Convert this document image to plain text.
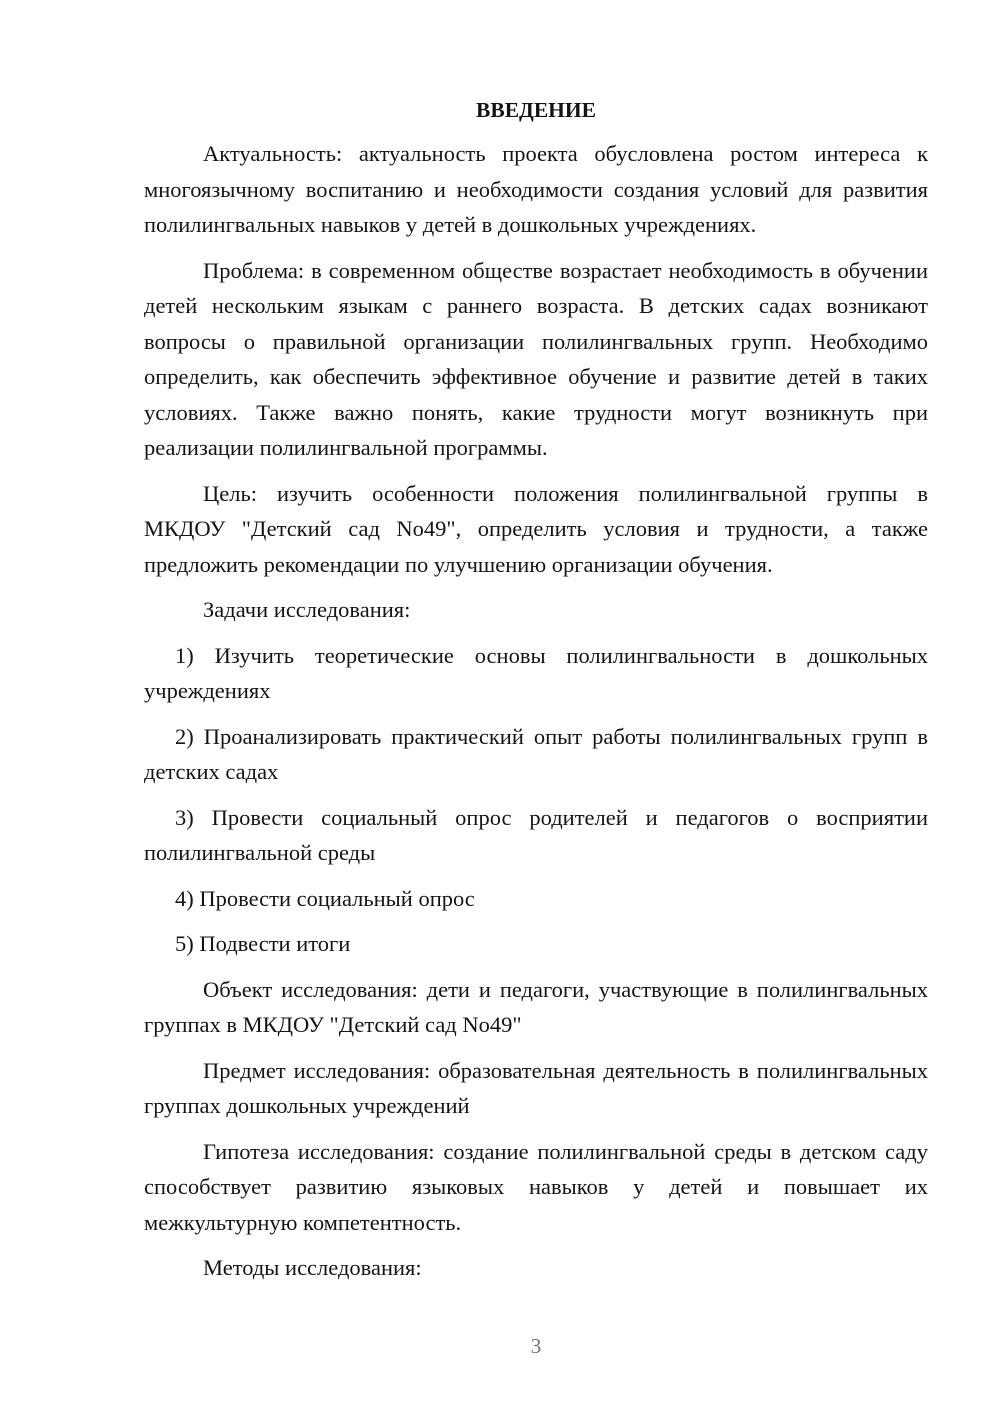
ВВЕДЕНИЕ

Актуальность: актуальность проекта обусловлена ростом интереса к многоязычному воспитанию и необходимости создания условий для развития полилингвальных навыков у детей в дошкольных учреждениях.

Проблема: в современном обществе возрастает необходимость в обучении детей нескольким языкам с раннего возраста. В детских садах возникают вопросы о правильной организации полилингвальных групп. Необходимо определить, как обеспечить эффективное обучение и развитие детей в таких условиях. Также важно понять, какие трудности могут возникнуть при реализации полилингвальной программы.

Цель: изучить особенности положения полилингвальной группы в МКДОУ "Детский сад No49", определить условия и трудности, а также предложить рекомендации по улучшению организации обучения.

Задачи исследования:

1) Изучить теоретические основы полилингвальности в дошкольных учреждениях

2) Проанализировать практический опыт работы полилингвальных групп в детских садах

3) Провести социальный опрос родителей и педагогов о восприятии полилингвальной среды

4) Провести социальный опрос

5) Подвести итоги

Объект исследования: дети и педагоги, участвующие в полилингвальных группах в МКДОУ "Детский сад No49"

Предмет исследования: образовательная деятельность в полилингвальных группах дошкольных учреждений

Гипотеза исследования: создание полилингвальной среды в детском саду способствует развитию языковых навыков у детей и повышает их межкультурную компетентность.

Методы исследования:

3
